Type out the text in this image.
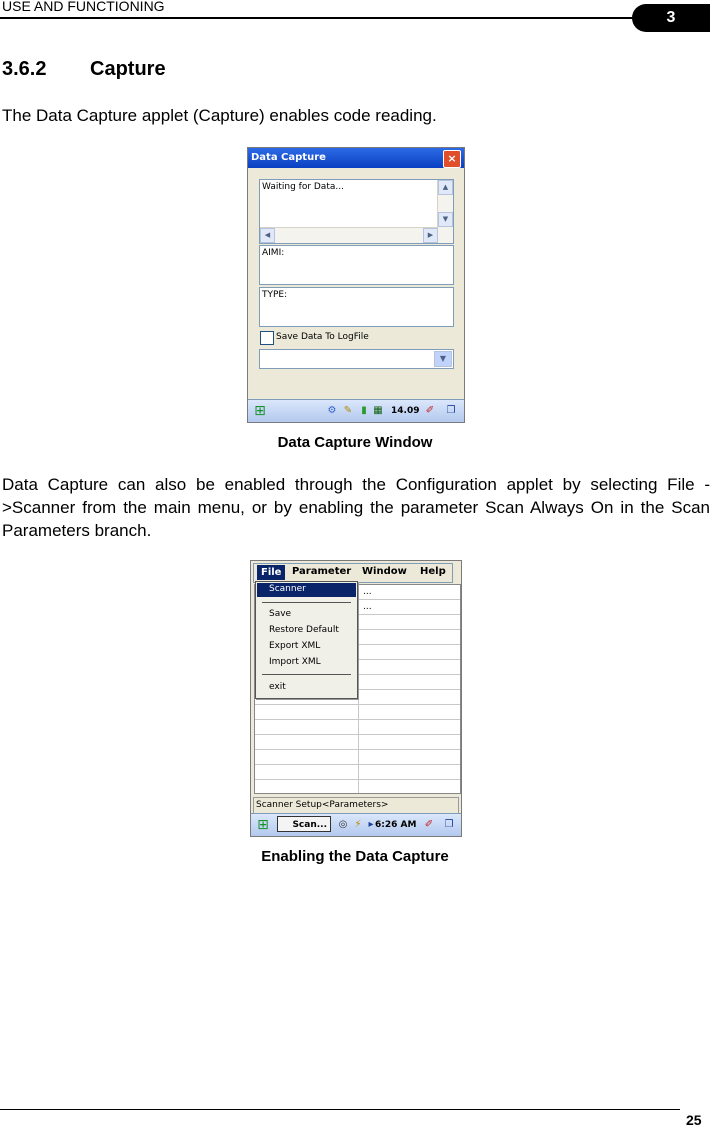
USE AND FUNCTIONING
3
3.6.2 Capture
The Data Capture applet (Capture) enables code reading.
Data Capture	×
Waiting for Data...	▲
▼
◀	▶
AIMI:
TYPE:
Save Data To LogFile
▼
⊞	⚙ ✎ ▮ ▦ 14.09 ✐ ❐
Data Capture Window
Data Capture can also be enabled through the Configuration applet by selecting File ->Scanner from the main menu, or by enabling the parameter Scan Always On in the Scan Parameters branch.
File	Parameter Window Help
...
...
Scanner
Save
Restore Default
Export XML
Import XML
exit
Scanner Setup<Parameters>
⊞	Scan...	◎ ⚡ ▸ 6:26 AM ✐ ❐
Enabling the Data Capture
25
